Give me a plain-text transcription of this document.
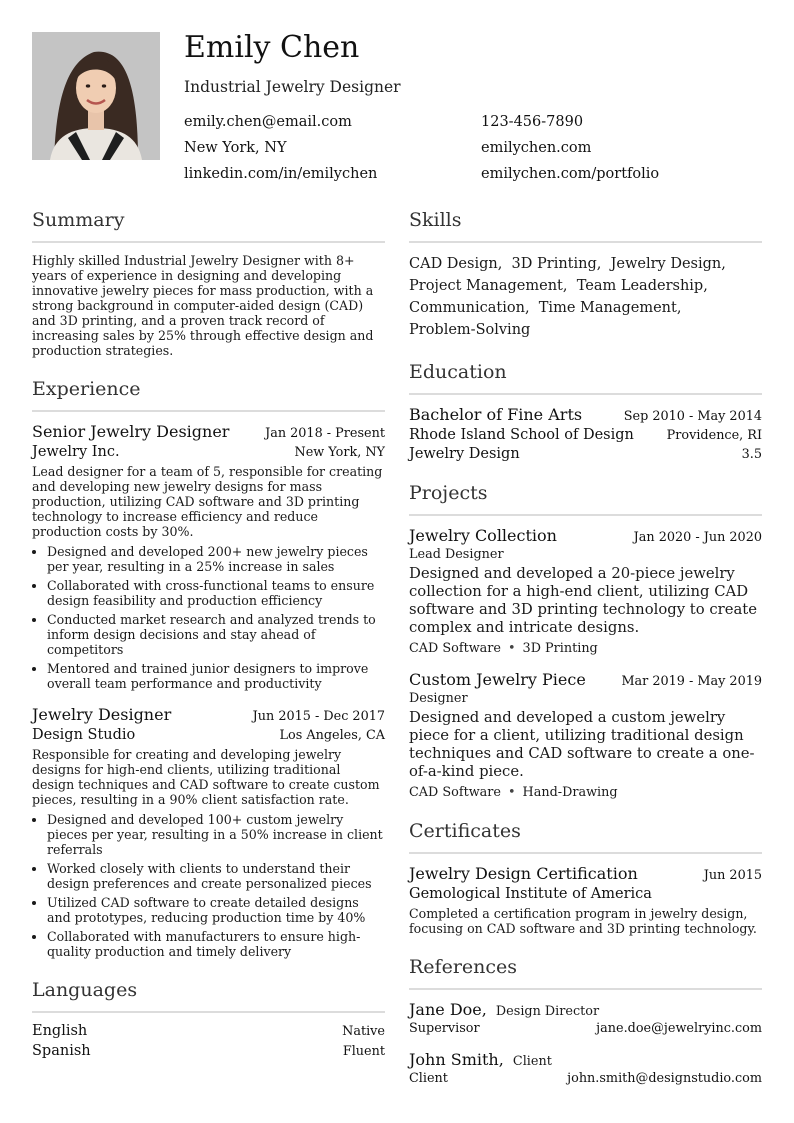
Emily Chen
Industrial Jewelry Designer
emily.chen@email.com	123-456-7890
New York, NY	emilychen.com
linkedin.com/in/emilychen	emilychen.com/portfolio
Summary
Highly skilled Industrial Jewelry Designer with 8+ years of experience in designing and developing innovative jewelry pieces for mass production, with a strong background in computer-aided design (CAD) and 3D printing, and a proven track record of increasing sales by 25% through effective design and production strategies.
Experience
Senior Jewelry Designer	Jan 2018 - Present
Jewelry Inc.	New York, NY
Lead designer for a team of 5, responsible for creating and developing new jewelry designs for mass production, utilizing CAD software and 3D printing technology to increase efficiency and reduce production costs by 30%.
• Designed and developed 200+ new jewelry pieces per year, resulting in a 25% increase in sales
• Collaborated with cross-functional teams to ensure design feasibility and production efficiency
• Conducted market research and analyzed trends to inform design decisions and stay ahead of competitors
• Mentored and trained junior designers to improve overall team performance and productivity
Jewelry Designer	Jun 2015 - Dec 2017
Design Studio	Los Angeles, CA
Responsible for creating and developing jewelry designs for high-end clients, utilizing traditional design techniques and CAD software to create custom pieces, resulting in a 90% client satisfaction rate.
• Designed and developed 100+ custom jewelry pieces per year, resulting in a 50% increase in client referrals
• Worked closely with clients to understand their design preferences and create personalized pieces
• Utilized CAD software to create detailed designs and prototypes, reducing production time by 40%
• Collaborated with manufacturers to ensure high-quality production and timely delivery
Languages
English	Native
Spanish	Fluent
Skills
CAD Design,  3D Printing,  Jewelry Design,
Project Management,  Team Leadership,
Communication,  Time Management,
Problem-Solving
Education
Bachelor of Fine Arts	Sep 2010 - May 2014
Rhode Island School of Design	Providence, RI
Jewelry Design	3.5
Projects
Jewelry Collection	Jan 2020 - Jun 2020
Lead Designer
Designed and developed a 20-piece jewelry collection for a high-end client, utilizing CAD software and 3D printing technology to create complex and intricate designs.
CAD Software • 3D Printing
Custom Jewelry Piece	Mar 2019 - May 2019
Designer
Designed and developed a custom jewelry piece for a client, utilizing traditional design techniques and CAD software to create a one-of-a-kind piece.
CAD Software • Hand-Drawing
Certificates
Jewelry Design Certification	Jun 2015
Gemological Institute of America
Completed a certification program in jewelry design, focusing on CAD software and 3D printing technology.
References
Jane Doe, Design Director
Supervisor	jane.doe@jewelryinc.com
John Smith, Client
Client	john.smith@designstudio.com
